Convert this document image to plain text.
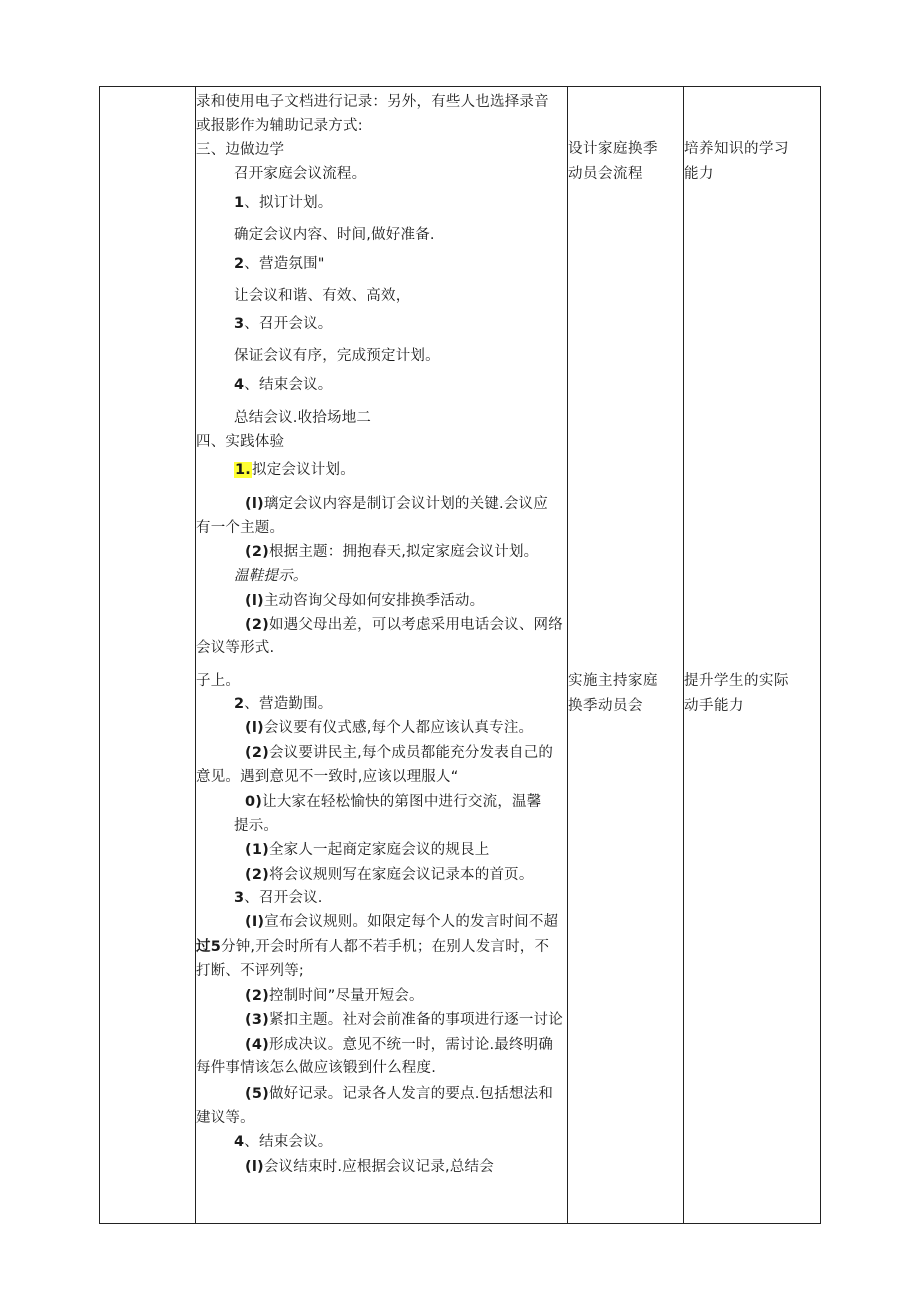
录和使用电子文档进行记录：另外，有些人也选择录音
或报影作为辅助记录方式:
三、边做边学
召开家庭会议流程。
1、拟订计划。
确定会议内容、时间,做好准备.
2、营造氛围"
让会议和谐、有效、高效，
3、召开会议。
保证会议有序，完成预定计划。
4、结束会议。
总结会议.收拾场地二
四、实践体验
1.拟定会议计划。
(l)璃定会议内容是制订会议计划的关键.会议应
有一个主题。
(2)根据主题：拥抱春天,拟定家庭会议计划。
温鞋提示。
(l)主动咨询父母如何安排换季活动。
(2)如遇父母出差，可以考虑采用电话会议、网络
会议等形式.
子上。
2、营造勤围。
(l)会议要有仪式感,每个人都应该认真专注。
(2)会议要讲民主,每个成员都能充分发表自己的
意见。遇到意见不一致时,应该以理服人“
0)让大家在轻松愉快的第图中进行交流，温馨
提示。
(1)全家人一起商定家庭会议的规艮上
(2)将会议规则写在家庭会议记录本的首页。
3、召开会议.
(I)宣布会议规则。如限定每个人的发言时间不超
过5分钟,开会时所有人都不若手机；在别人发言时，不
打断、不评列等;
(2)控制时间”尽量开短会。
(3)紧扣主题。社对会前准备的事项进行逐一讨论
(4)形成决议。意见不统一时，需讨论.最终明确
每件事情该怎么做应该锻到什么程度.
(5)做好记录。记录各人发言的要点.包括想法和
建议等。
4、结束会议。
(l)会议结束时.应根据会议记录,总结会
设计家庭换季
动员会流程
实施主持家庭
换季动员会
培养知识的学习
能力
提升学生的实际
动手能力
